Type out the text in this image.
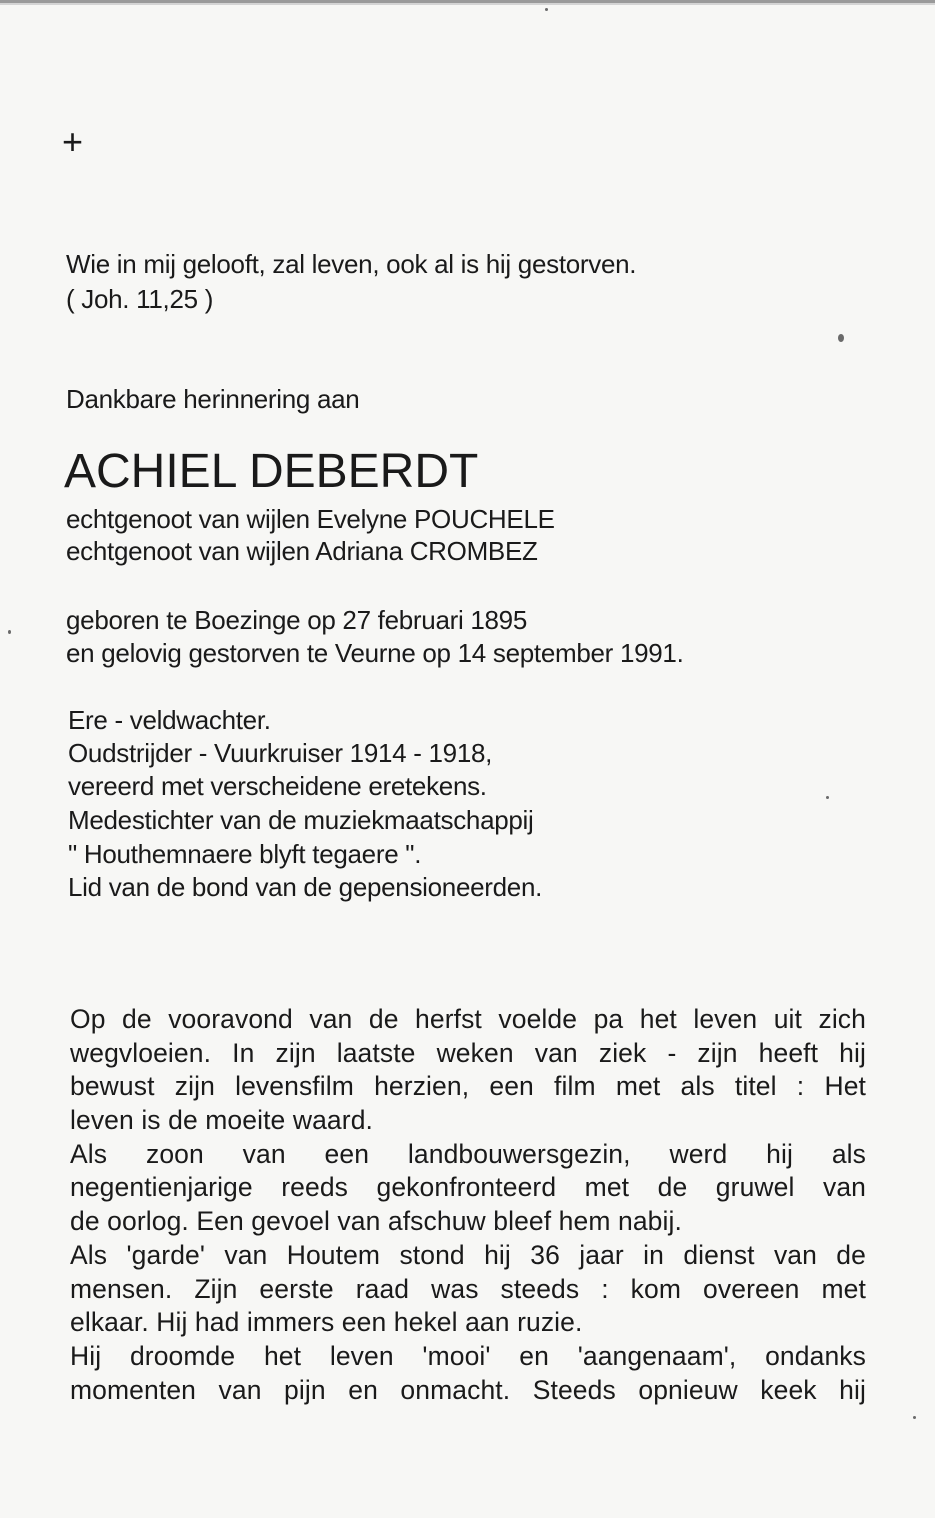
+
Wie in mij gelooft, zal leven, ook al is hij gestorven.
( Joh. 11,25 )
Dankbare herinnering aan
ACHIEL DEBERDT
echtgenoot van wijlen Evelyne POUCHELE
echtgenoot van wijlen Adriana CROMBEZ
geboren te Boezinge op 27 februari 1895
en gelovig gestorven te Veurne op 14 september 1991.
Ere - veldwachter.
Oudstrijder - Vuurkruiser 1914 - 1918,
vereerd met verscheidene eretekens.
Medestichter van de muziekmaatschappij
" Houthemnaere blyft tegaere ".
Lid van de bond van de gepensioneerden.
Op de vooravond van de herfst voelde pa het leven uit zich
wegvloeien. In zijn laatste weken van ziek - zijn heeft hij
bewust zijn levensfilm herzien, een film met als titel : Het
leven is de moeite waard.
Als zoon van een landbouwersgezin, werd hij als
negentienjarige reeds gekonfronteerd met de gruwel van
de oorlog. Een gevoel van afschuw bleef hem nabij.
Als 'garde' van Houtem stond hij 36 jaar in dienst van de
mensen. Zijn eerste raad was steeds : kom overeen met
elkaar. Hij had immers een hekel aan ruzie.
Hij droomde het leven 'mooi' en 'aangenaam', ondanks
momenten van pijn en onmacht. Steeds opnieuw keek hij
